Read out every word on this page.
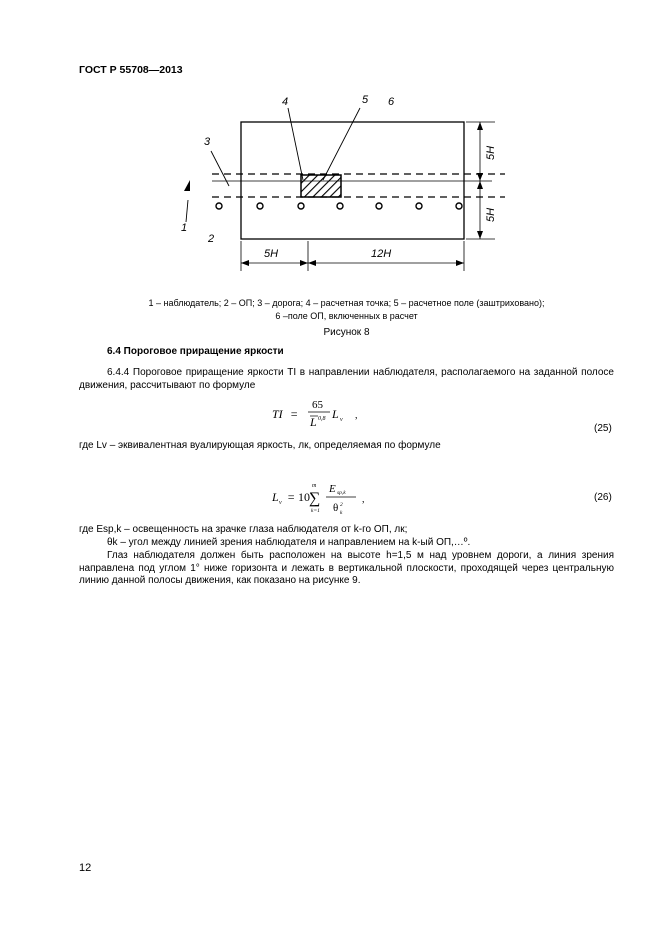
ГОСТ Р 55708—2013
4	5 6
3
1
2
5H	12H
5H
5H
1 – наблюдатель; 2 – ОП; 3 – дорога; 4 – расчетная точка; 5 – расчетное поле (заштриховано);
6 –поле ОП, включенных в расчет
Рисунок 8
6.4 Пороговое приращение яркости
6.4.4 Пороговое приращение яркости TI в направлении наблюдателя, располагаемого на заданной полосе движения, рассчитывают по формуле
TI =
65
L 0,8 L v ,
(25)
где Lv – эквивалентная вуалирующая яркость, лк, определяемая по формуле
L v = 10
m
∑
k=1
E sp,k
θ 2
k
,	(26)
где Esp,k – освещенность на зрачке глаза наблюдателя от k-го ОП, лк;
θk – угол между линией зрения наблюдателя и направлением на k-ый ОП,…º.
Глаз наблюдателя должен быть расположен на высоте h=1,5 м над уровнем дороги, а линия зрения направлена под углом 1° ниже горизонта и лежать в вертикальной плоскости, проходящей через центральную линию данной полосы движения, как показано на рисунке 9.
12
